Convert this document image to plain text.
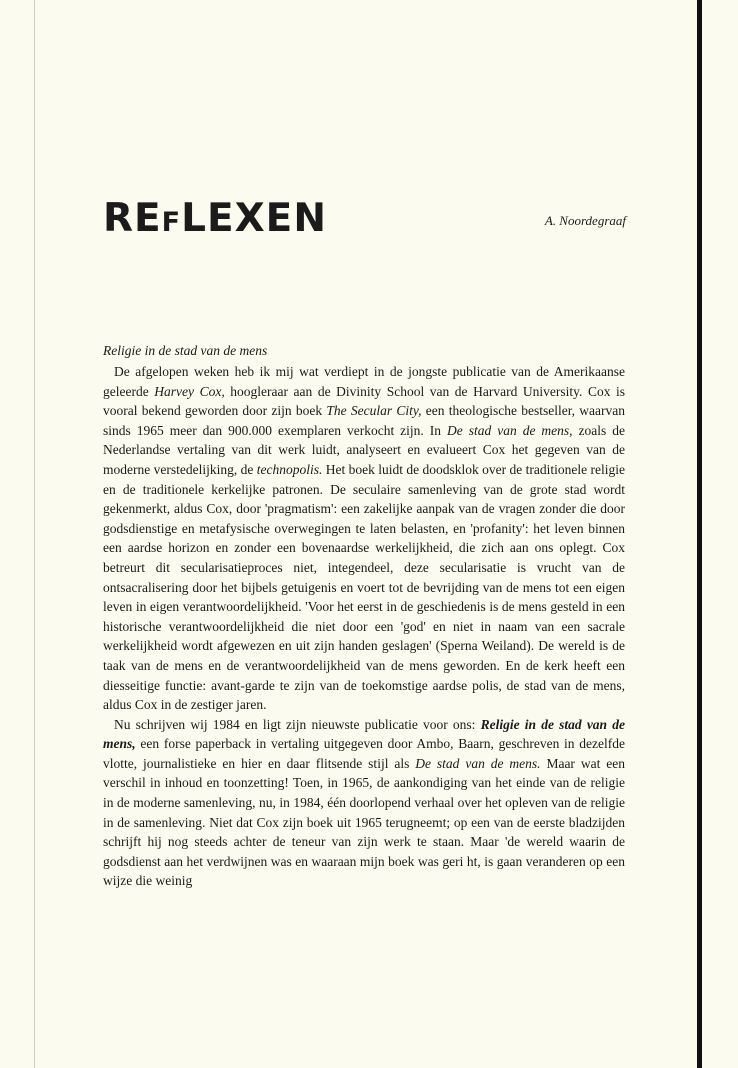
REfLEXEN	A. Noordegraaf
Religie in de stad van de mens

De afgelopen weken heb ik mij wat verdiept in de jongste publicatie van de Amerikaanse geleerde Harvey Cox, hoogleraar aan de Divinity School van de Harvard University. Cox is vooral bekend geworden door zijn boek The Secular City, een theologische bestseller, waarvan sinds 1965 meer dan 900.000 exemplaren verkocht zijn. In De stad van de mens, zoals de Nederlandse vertaling van dit werk luidt, analyseert en evalueert Cox het gegeven van de moderne verstedelijking, de technopolis. Het boek luidt de doodsklok over de traditionele religie en de traditionele kerkelijke patronen. De seculaire samenleving van de grote stad wordt gekenmerkt, aldus Cox, door 'pragmatism': een zakelijke aanpak van de vragen zonder die door godsdienstige en metafysische overwegingen te laten belasten, en 'profanity': het leven binnen een aardse horizon en zonder een bovenaardse werkelijkheid, die zich aan ons oplegt. Cox betreurt dit secularisatieproces niet, integendeel, deze secularisatie is vrucht van de ontsacralisering door het bijbels getuigenis en voert tot de bevrijding van de mens tot een eigen leven in eigen verantwoordelijkheid. 'Voor het eerst in de geschiedenis is de mens gesteld in een historische verantwoordelijkheid die niet door een 'god' en niet in naam van een sacrale werkelijkheid wordt afgewezen en uit zijn handen geslagen' (Sperna Weiland). De wereld is de taak van de mens en de verantwoordelijkheid van de mens geworden. En de kerk heeft een diesseitige functie: avant-garde te zijn van de toekomstige aardse polis, de stad van de mens, aldus Cox in de zestiger jaren.

Nu schrijven wij 1984 en ligt zijn nieuwste publicatie voor ons: Religie in de stad van de mens, een forse paperback in vertaling uitgegeven door Ambo, Baarn, geschreven in dezelfde vlotte, journalistieke en hier en daar flitsende stijl als De stad van de mens. Maar wat een verschil in inhoud en toonzetting! Toen, in 1965, de aankondiging van het einde van de religie in de moderne samenleving, nu, in 1984, één doorlopend verhaal over het opleven van de religie in de samenleving. Niet dat Cox zijn boek uit 1965 terugneemt; op een van de eerste bladzijden schrijft hij nog steeds achter de teneur van zijn werk te staan. Maar 'de wereld waarin de godsdienst aan het verdwijnen was en waaraan mijn boek was geri ht, is gaan veranderen op een wijze die weinig
